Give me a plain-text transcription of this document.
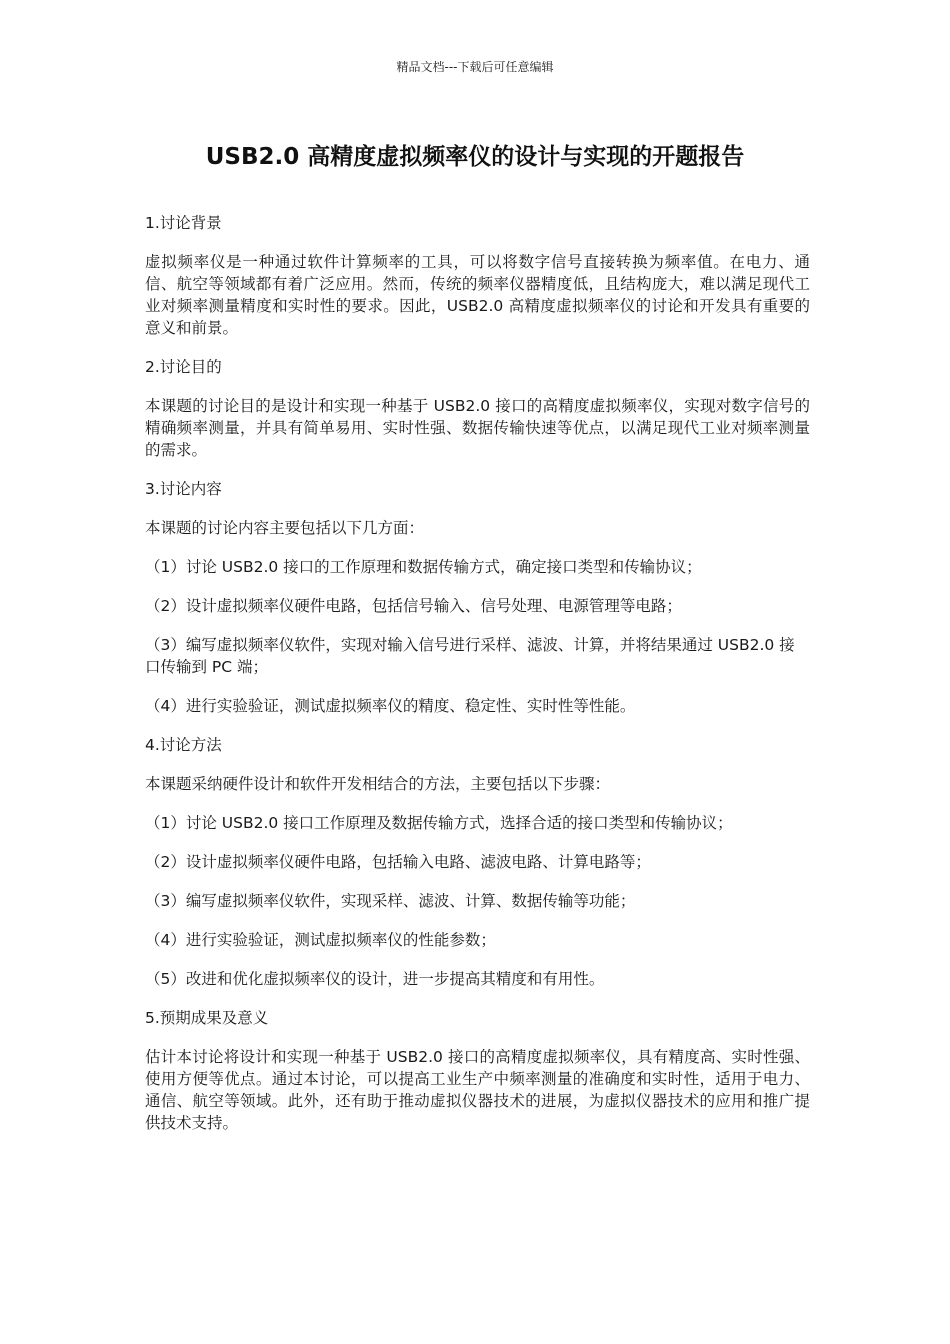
精品文档---下载后可任意编辑
USB2.0 高精度虚拟频率仪的设计与实现的开题报告
1.讨论背景
虚拟频率仪是一种通过软件计算频率的工具，可以将数字信号直接转换为频率值。在电力、通信、航空等领域都有着广泛应用。然而，传统的频率仪器精度低，且结构庞大，难以满足现代工业对频率测量精度和实时性的要求。因此，USB2.0 高精度虚拟频率仪的讨论和开发具有重要的意义和前景。
2.讨论目的
本课题的讨论目的是设计和实现一种基于 USB2.0 接口的高精度虚拟频率仪，实现对数字信号的精确频率测量，并具有简单易用、实时性强、数据传输快速等优点，以满足现代工业对频率测量的需求。
3.讨论内容
本课题的讨论内容主要包括以下几方面：
（1）讨论 USB2.0 接口的工作原理和数据传输方式，确定接口类型和传输协议；
（2）设计虚拟频率仪硬件电路，包括信号输入、信号处理、电源管理等电路；
（3）编写虚拟频率仪软件，实现对输入信号进行采样、滤波、计算，并将结果通过 USB2.0 接口传输到 PC 端；
（4）进行实验验证，测试虚拟频率仪的精度、稳定性、实时性等性能。
4.讨论方法
本课题采纳硬件设计和软件开发相结合的方法，主要包括以下步骤：
（1）讨论 USB2.0 接口工作原理及数据传输方式，选择合适的接口类型和传输协议；
（2）设计虚拟频率仪硬件电路，包括输入电路、滤波电路、计算电路等；
（3）编写虚拟频率仪软件，实现采样、滤波、计算、数据传输等功能；
（4）进行实验验证，测试虚拟频率仪的性能参数；
（5）改进和优化虚拟频率仪的设计，进一步提高其精度和有用性。
5.预期成果及意义
估计本讨论将设计和实现一种基于 USB2.0 接口的高精度虚拟频率仪，具有精度高、实时性强、使用方便等优点。通过本讨论，可以提高工业生产中频率测量的准确度和实时性，适用于电力、通信、航空等领域。此外，还有助于推动虚拟仪器技术的进展，为虚拟仪器技术的应用和推广提供技术支持。
